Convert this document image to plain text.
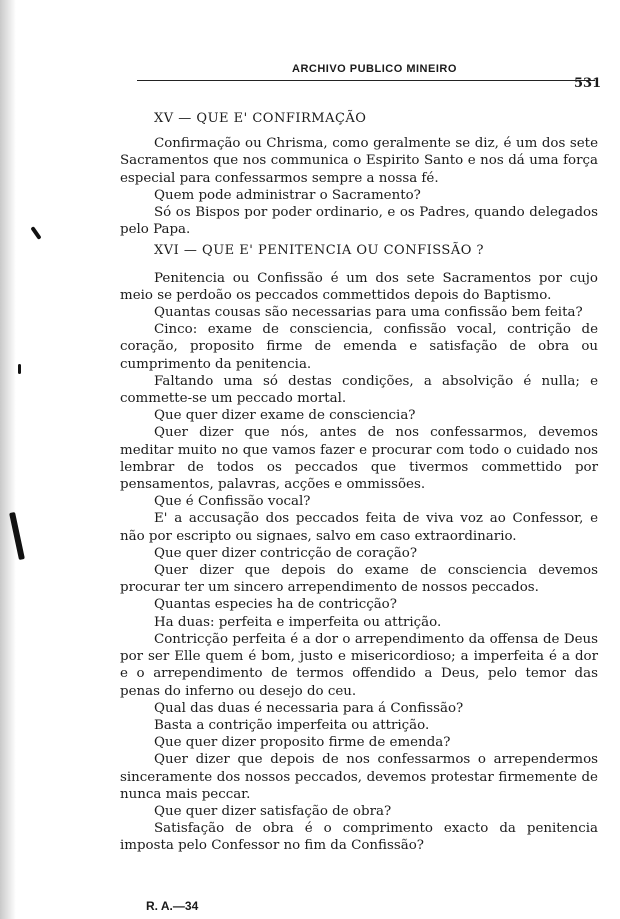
ARCHIVO PUBLICO MINEIRO
531

XV — QUE E' CONFIRMAÇÃO

Confirmação ou Chrisma, como geralmente se diz, é um dos sete Sacramentos que nos communica o Espirito Santo e nos dá uma força especial para confessarmos sempre a nossa fé.

Quem pode administrar o Sacramento?

Só os Bispos por poder ordinario, e os Padres, quando delegados pelo Papa.

XVI — QUE E' PENITENCIA OU CONFISSÃO ?

Penitencia ou Confissão é um dos sete Sacramentos por cujo meio se perdoão os peccados commettidos depois do Baptismo.

Quantas cousas são necessarias para uma confissão bem feita?

Cinco: exame de consciencia, confissão vocal, contrição de coração, proposito firme de emenda e satisfação de obra ou cumprimento da penitencia.

Faltando uma só destas condições, a absolvição é nulla; e commette-se um peccado mortal.

Que quer dizer exame de consciencia?

Quer dizer que nós, antes de nos confessarmos, devemos meditar muito no que vamos fazer e procurar com todo o cuidado nos lembrar de todos os peccados que tivermos commettido por pensamentos, palavras, acções e ommissões.

Que é Confissão vocal?

E' a accusação dos peccados feita de viva voz ao Confessor, e não por escripto ou signaes, salvo em caso extraordinario.

Que quer dizer contricção de coração?

Quer dizer que depois do exame de consciencia devemos procurar ter um sincero arrependimento de nossos peccados.

Quantas especies ha de contricção?

Ha duas: perfeita e imperfeita ou attrição.

Contricção perfeita é a dor o arrependimento da offensa de Deus por ser Elle quem é bom, justo e misericordioso; a imperfeita é a dor e o arrependimento de termos offendido a Deus, pelo temor das penas do inferno ou desejo do ceu.

Qual das duas é necessaria para á Confissão?

Basta a contrição imperfeita ou attrição.

Que quer dizer proposito firme de emenda?

Quer dizer que depois de nos confessarmos o arrependermos sinceramente dos nossos peccados, devemos protestar firmemente de nunca mais peccar.

Que quer dizer satisfação de obra?

Satisfação de obra é o comprimento exacto da penitencia imposta pelo Confessor no fim da Confissão?

R. A.—34
